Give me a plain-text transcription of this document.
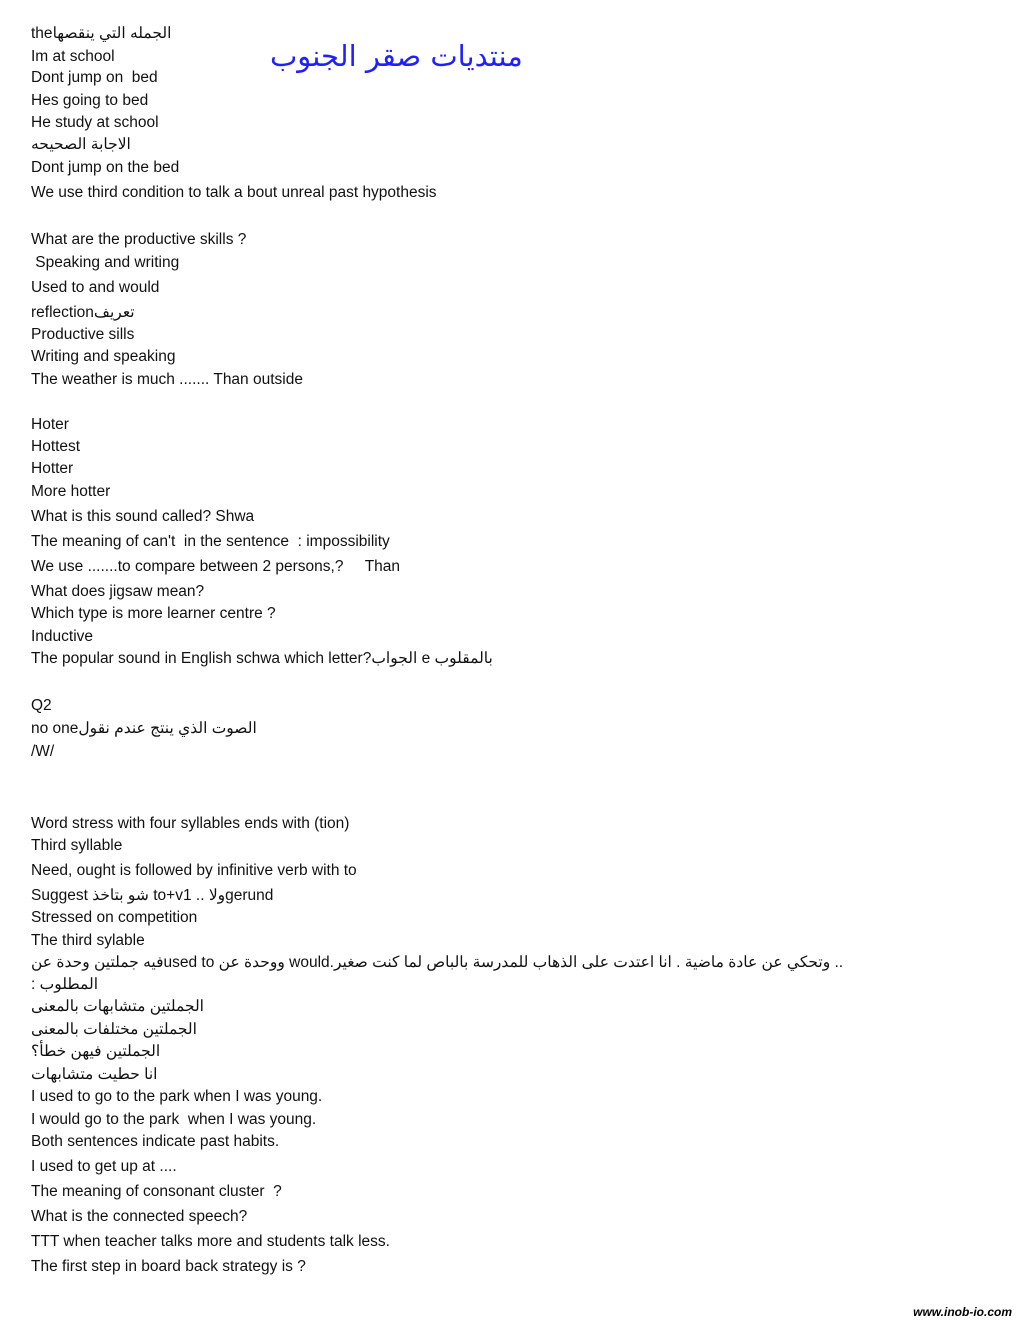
الجمله التي ينقصهاthe
Im at school
Dont jump on  bed
Hes going to bed
He study at school
الاجابة الصحيحه
Dont jump on the bed
We use third condition to talk a bout unreal past hypothesis
What are the productive skills ?
Speaking and writing
Used to and would
تعريفreflection
Productive sills
Writing and speaking
The weather is much ....... Than outside
Hoter
Hottest
Hotter
More hotter
What is this sound called? Shwa
The meaning of can't  in the sentence  : impossibility
We use .......to compare between 2 persons,?     Than
What does jigsaw mean?
Which type is more learner centre ?
Inductive
The popular sound in English schwa which letter?الجواب e بالمقلوب
Q2
الصوت الذي ينتج عندم نقولno one
/W/
Word stress with four syllables ends with (tion)
Third syllable
Need, ought is followed by infinitive verb with to
Suggest شو بتاخذ to+v1 .. ولاgerund
Stressed on competition
The third sylable
.. وتحكي عن عادة ماضية . انا اعتدت على الذهاب للمدرسة بالباص لما كنت صغير.would ووحدة عن used toفيه جملتين وحدة عن
المطلوب :
الجملتين متشابهات بالمعنى
الجملتين مختلفات بالمعنى
الجملتين فيهن خطأ؟
انا حطيت متشابهات
I used to go to the park when I was young.
I would go to the park  when I was young.
Both sentences indicate past habits.
I used to get up at ....
The meaning of consonant cluster  ?
What is the connected speech?
TTT when teacher talks more and students talk less.
The first step in board back strategy is ?
منتديات صقر الجنوب
www.inob-io.com
